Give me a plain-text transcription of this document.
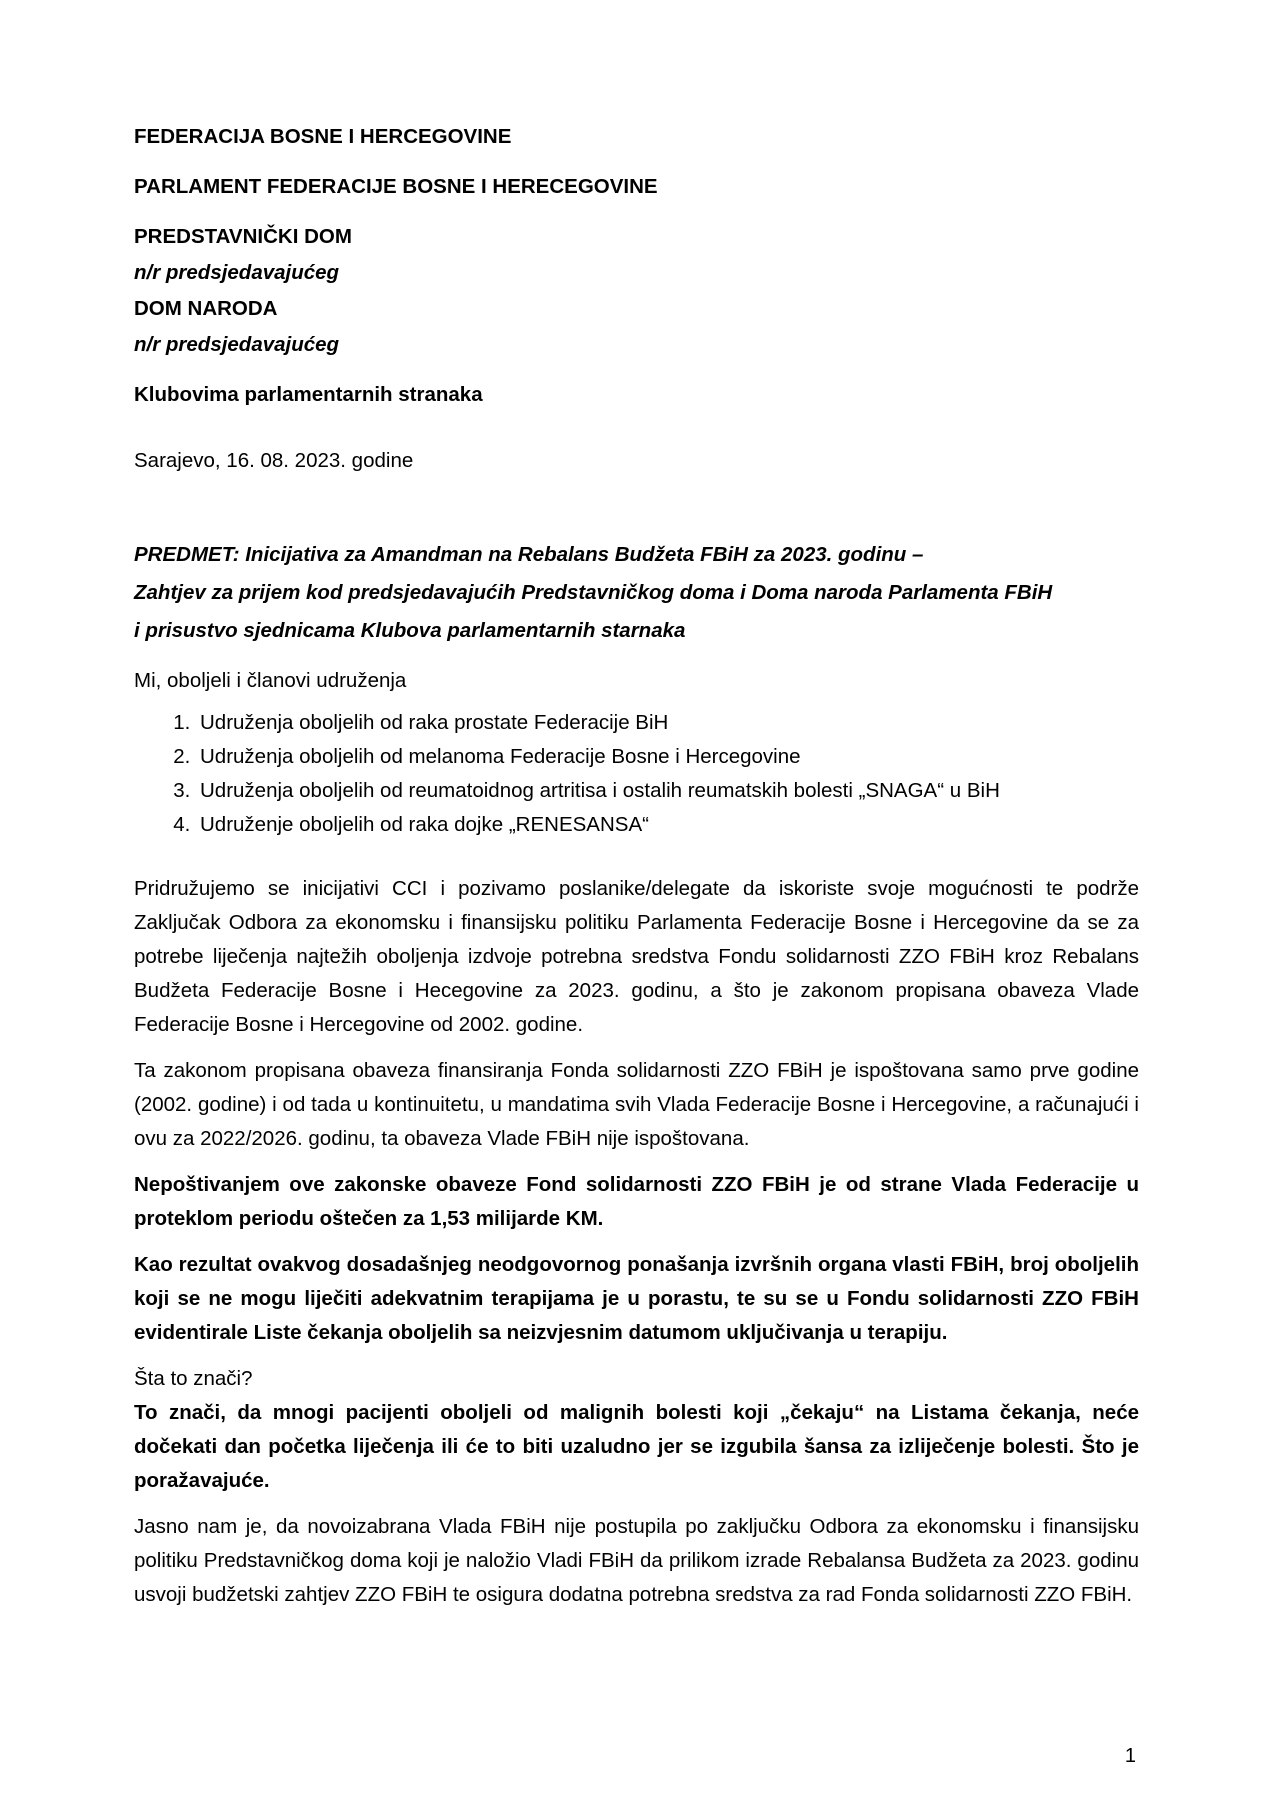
FEDERACIJA BOSNE I HERCEGOVINE

PARLAMENT FEDERACIJE BOSNE I HERECEGOVINE

PREDSTAVNIČKI DOM

n/r predsjedavajućeg

DOM NARODA

n/r predsjedavajućeg

Klubovima parlamentarnih stranaka

Sarajevo, 16. 08. 2023. godine

PREDMET: Inicijativa za Amandman na Rebalans Budžeta FBiH za 2023. godinu –

Zahtjev za prijem kod predsjedavajućih Predstavničkog doma i Doma naroda Parlamenta FBiH

i prisustvo sjednicama Klubova parlamentarnih starnaka

Mi, oboljeli i članovi udruženja

1. Udruženja oboljelih od raka prostate Federacije BiH
2. Udruženja oboljelih od melanoma Federacije Bosne i Hercegovine
3. Udruženja oboljelih od reumatoidnog artritisa i ostalih reumatskih bolesti „SNAGA“ u BiH
4. Udruženje oboljelih od raka dojke „RENESANSA“

Pridružujemo se inicijativi CCI i pozivamo poslanike/delegate da iskoriste svoje mogućnosti te podrže Zaključak Odbora za ekonomsku i finansijsku politiku Parlamenta Federacije Bosne i Hercegovine da se za potrebe liječenja najtežih oboljenja izdvoje potrebna sredstva Fondu solidarnosti ZZO FBiH kroz Rebalans Budžeta Federacije Bosne i Hecegovine za 2023. godinu, a što je zakonom propisana obaveza Vlade Federacije Bosne i Hercegovine od 2002. godine.

Ta zakonom propisana obaveza finansiranja Fonda solidarnosti ZZO FBiH je ispoštovana samo prve godine (2002. godine) i od tada u kontinuitetu, u mandatima svih Vlada Federacije Bosne i Hercegovine, a računajući i ovu za 2022/2026. godinu, ta obaveza Vlade FBiH nije ispoštovana.

Nepoštivanjem ove zakonske obaveze Fond solidarnosti ZZO FBiH je od strane Vlada Federacije u proteklom periodu oštečen za 1,53 milijarde KM.

Kao rezultat ovakvog dosadašnjeg neodgovornog ponašanja izvršnih organa vlasti FBiH, broj oboljelih koji se ne mogu liječiti adekvatnim terapijama je u porastu, te su se u Fondu solidarnosti ZZO FBiH evidentirale Liste čekanja oboljelih sa neizvjesnim datumom uključivanja u terapiju.

Šta to znači?

To znači, da mnogi pacijenti oboljeli od malignih bolesti koji „čekaju“ na Listama čekanja, neće dočekati dan početka liječenja ili će to biti uzaludno jer se izgubila šansa za izliječenje bolesti. Što je poražavajuće.

Jasno nam je, da novoizabrana Vlada FBiH nije postupila po zaključku Odbora za ekonomsku i finansijsku politiku Predstavničkog doma koji je naložio Vladi FBiH da prilikom izrade Rebalansa Budžeta za 2023. godinu usvoji budžetski zahtjev ZZO FBiH te osigura dodatna potrebna sredstva za rad Fonda solidarnosti ZZO FBiH.

1
